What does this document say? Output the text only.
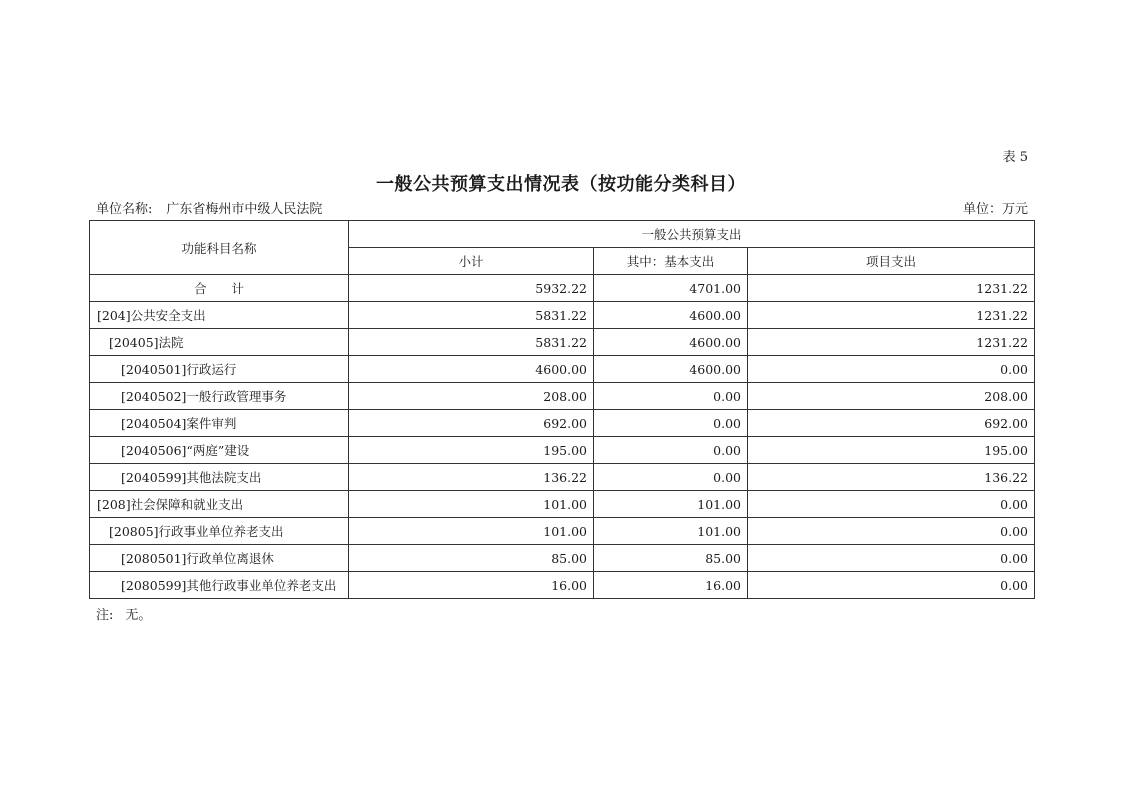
表 5
一般公共预算支出情况表（按功能分类科目）
单位名称: 广东省梅州市中级人民法院	单位：万元
功能科目名称	一般公共预算支出		
	小计	其中：基本支出	项目支出
合　　计	5932.22	4701.00	1231.22
[204]公共安全支出	5831.22	4600.00	1231.22
[20405]法院	5831.22	4600.00	1231.22
[2040501]行政运行	4600.00	4600.00	0.00
[2040502]一般行政管理事务	208.00	0.00	208.00
[2040504]案件审判	692.00	0.00	692.00
[2040506]“两庭”建设	195.00	0.00	195.00
[2040599]其他法院支出	136.22	0.00	136.22
[208]社会保障和就业支出	101.00	101.00	0.00
[20805]行政事业单位养老支出	101.00	101.00	0.00
[2080501]行政单位离退休	85.00	85.00	0.00
[2080599]其他行政事业单位养老支出	16.00	16.00	0.00
注: 无。
